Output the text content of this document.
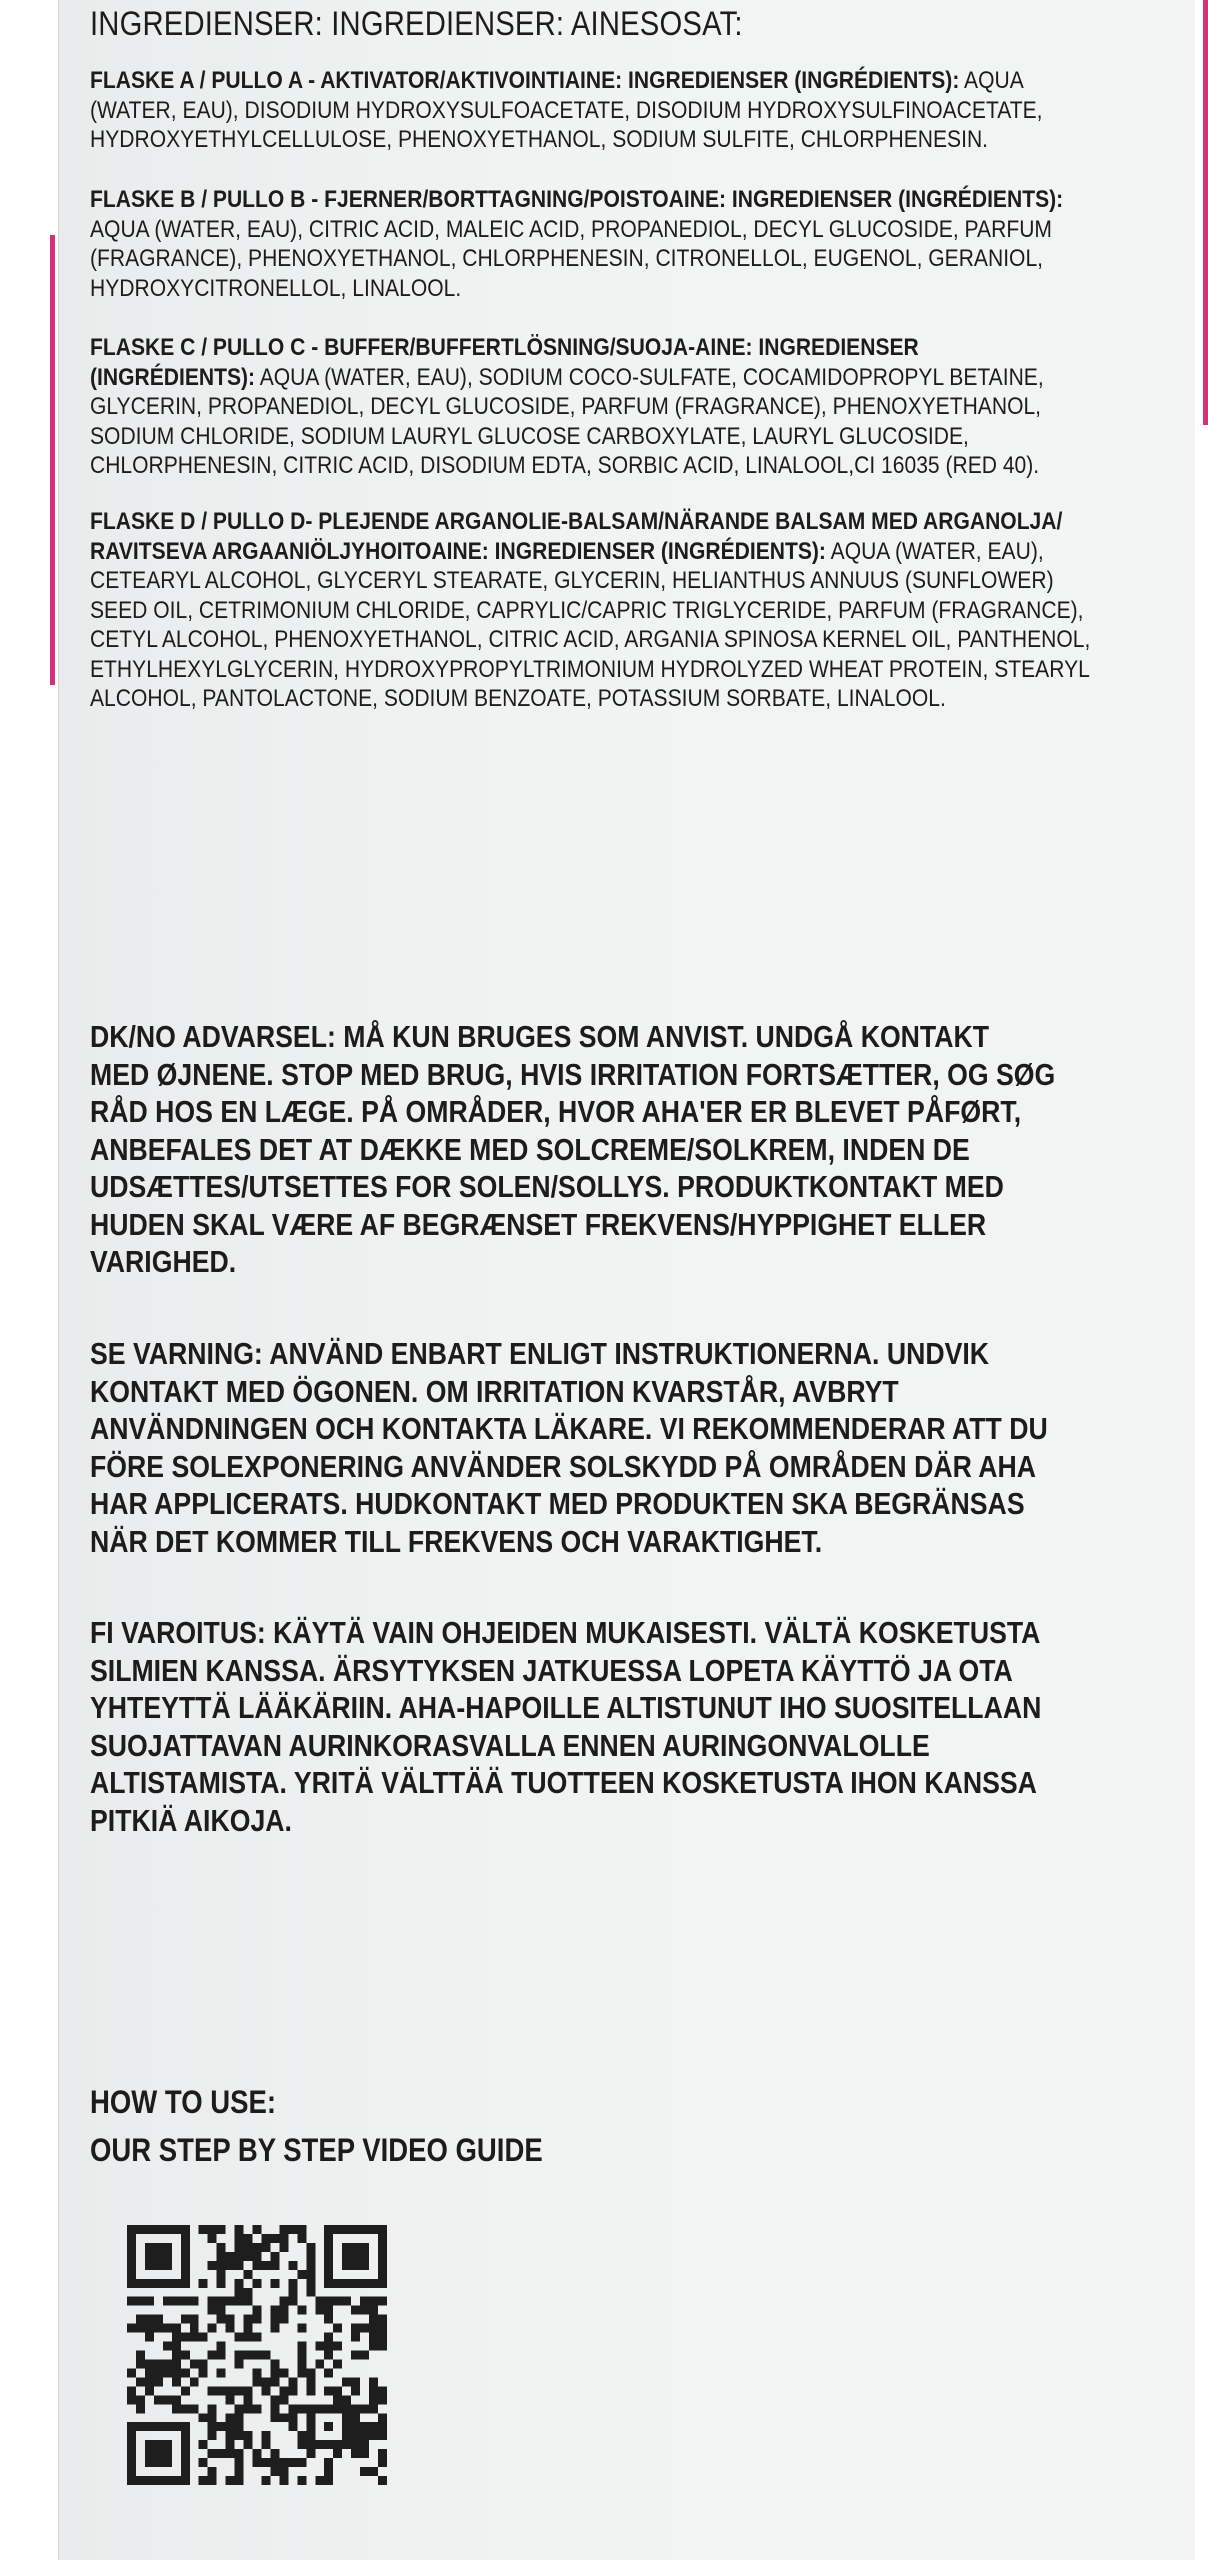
INGREDIENSER: INGREDIENSER: AINESOSAT:
FLASKE A / PULLO A - AKTIVATOR/AKTIVOINTIAINE: INGREDIENSER (INGRÉDIENTS): AQUA
(WATER, EAU), DISODIUM HYDROXYSULFOACETATE, DISODIUM HYDROXYSULFINOACETATE,
HYDROXYETHYLCELLULOSE, PHENOXYETHANOL, SODIUM SULFITE, CHLORPHENESIN.
FLASKE B / PULLO B - FJERNER/BORTTAGNING/POISTOAINE: INGREDIENSER (INGRÉDIENTS):
AQUA (WATER, EAU), CITRIC ACID, MALEIC ACID, PROPANEDIOL, DECYL GLUCOSIDE, PARFUM
(FRAGRANCE), PHENOXYETHANOL, CHLORPHENESIN, CITRONELLOL, EUGENOL, GERANIOL,
HYDROXYCITRONELLOL, LINALOOL.
FLASKE C / PULLO C - BUFFER/BUFFERTLÖSNING/SUOJA-AINE: INGREDIENSER
(INGRÉDIENTS): AQUA (WATER, EAU), SODIUM COCO-SULFATE, COCAMIDOPROPYL BETAINE,
GLYCERIN, PROPANEDIOL, DECYL GLUCOSIDE, PARFUM (FRAGRANCE), PHENOXYETHANOL,
SODIUM CHLORIDE, SODIUM LAURYL GLUCOSE CARBOXYLATE, LAURYL GLUCOSIDE,
CHLORPHENESIN, CITRIC ACID, DISODIUM EDTA, SORBIC ACID, LINALOOL,CI 16035 (RED 40).
FLASKE D / PULLO D- PLEJENDE ARGANOLIE-BALSAM/NÄRANDE BALSAM MED ARGANOLJA/
RAVITSEVA ARGAANIÖLJYHOITOAINE: INGREDIENSER (INGRÉDIENTS): AQUA (WATER, EAU),
CETEARYL ALCOHOL, GLYCERYL STEARATE, GLYCERIN, HELIANTHUS ANNUUS (SUNFLOWER)
SEED OIL, CETRIMONIUM CHLORIDE, CAPRYLIC/CAPRIC TRIGLYCERIDE, PARFUM (FRAGRANCE),
CETYL ALCOHOL, PHENOXYETHANOL, CITRIC ACID, ARGANIA SPINOSA KERNEL OIL, PANTHENOL,
ETHYLHEXYLGLYCERIN, HYDROXYPROPYLTRIMONIUM HYDROLYZED WHEAT PROTEIN, STEARYL
ALCOHOL, PANTOLACTONE, SODIUM BENZOATE, POTASSIUM SORBATE, LINALOOL.
DK/NO ADVARSEL: MÅ KUN BRUGES SOM ANVIST. UNDGÅ KONTAKT
MED ØJNENE. STOP MED BRUG, HVIS IRRITATION FORTSÆTTER, OG SØG
RÅD HOS EN LÆGE. PÅ OMRÅDER, HVOR AHA'ER ER BLEVET PÅFØRT,
ANBEFALES DET AT DÆKKE MED SOLCREME/SOLKREM, INDEN DE
UDSÆTTES/UTSETTES FOR SOLEN/SOLLYS. PRODUKTKONTAKT MED
HUDEN SKAL VÆRE AF BEGRÆNSET FREKVENS/HYPPIGHET ELLER
VARIGHED.
SE VARNING: ANVÄND ENBART ENLIGT INSTRUKTIONERNA. UNDVIK
KONTAKT MED ÖGONEN. OM IRRITATION KVARSTÅR, AVBRYT
ANVÄNDNINGEN OCH KONTAKTA LÄKARE. VI REKOMMENDERAR ATT DU
FÖRE SOLEXPONERING ANVÄNDER SOLSKYDD PÅ OMRÅDEN DÄR AHA
HAR APPLICERATS. HUDKONTAKT MED PRODUKTEN SKA BEGRÄNSAS
NÄR DET KOMMER TILL FREKVENS OCH VARAKTIGHET.
FI VAROITUS: KÄYTÄ VAIN OHJEIDEN MUKAISESTI. VÄLTÄ KOSKETUSTA
SILMIEN KANSSA. ÄRSYTYKSEN JATKUESSA LOPETA KÄYTTÖ JA OTA
YHTEYTTÄ LÄÄKÄRIIN. AHA-HAPOILLE ALTISTUNUT IHO SUOSITELLAAN
SUOJATTAVAN AURINKORASVALLA ENNEN AURINGONVALOLLE
ALTISTAMISTA. YRITÄ VÄLTTÄÄ TUOTTEEN KOSKETUSTA IHON KANSSA
PITKIÄ AIKOJA.
HOW TO USE:
OUR STEP BY STEP VIDEO GUIDE
